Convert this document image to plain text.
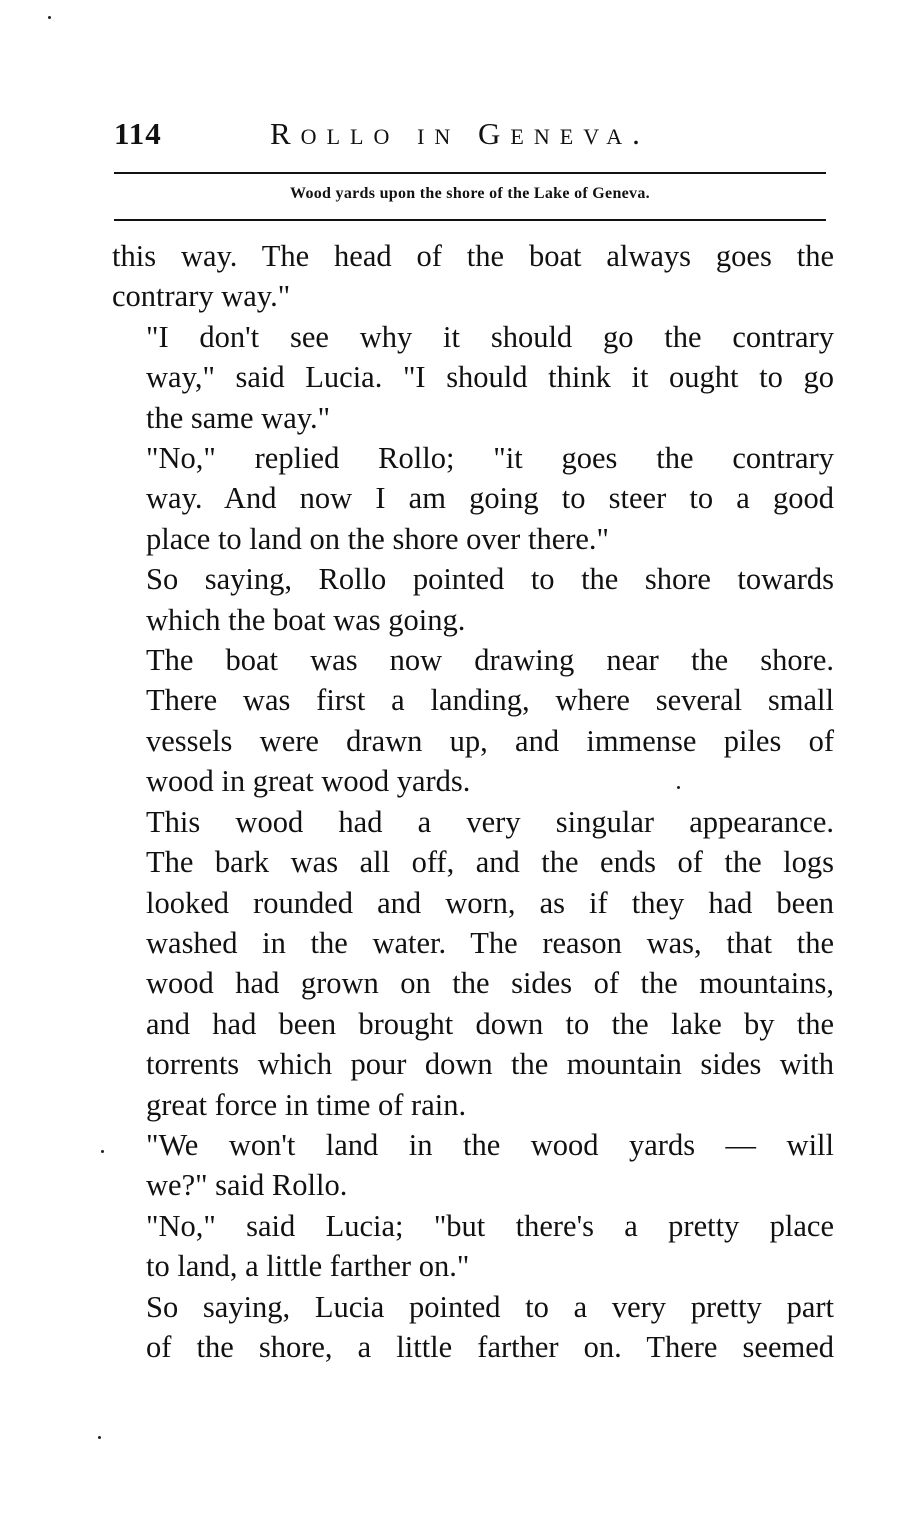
114	Rollo in Geneva.
Wood yards upon the shore of the Lake of Geneva.

this way. The head of the boat always goes the
contrary way."

"I don't see why it should go the contrary
way," said Lucia. "I should think it ought to go
the same way."

"No," replied Rollo; "it goes the contrary
way. And now I am going to steer to a good
place to land on the shore over there."

So saying, Rollo pointed to the shore towards
which the boat was going.

The boat was now drawing near the shore.
There was first a landing, where several small
vessels were drawn up, and immense piles of
wood in great wood yards.

This wood had a very singular appearance.
The bark was all off, and the ends of the logs
looked rounded and worn, as if they had been
washed in the water. The reason was, that the
wood had grown on the sides of the mountains,
and had been brought down to the lake by the
torrents which pour down the mountain sides with
great force in time of rain.

"We won't land in the wood yards — will
we?" said Rollo.

"No," said Lucia; "but there's a pretty place
to land, a little farther on."

So saying, Lucia pointed to a very pretty part
of the shore, a little farther on. There seemed
